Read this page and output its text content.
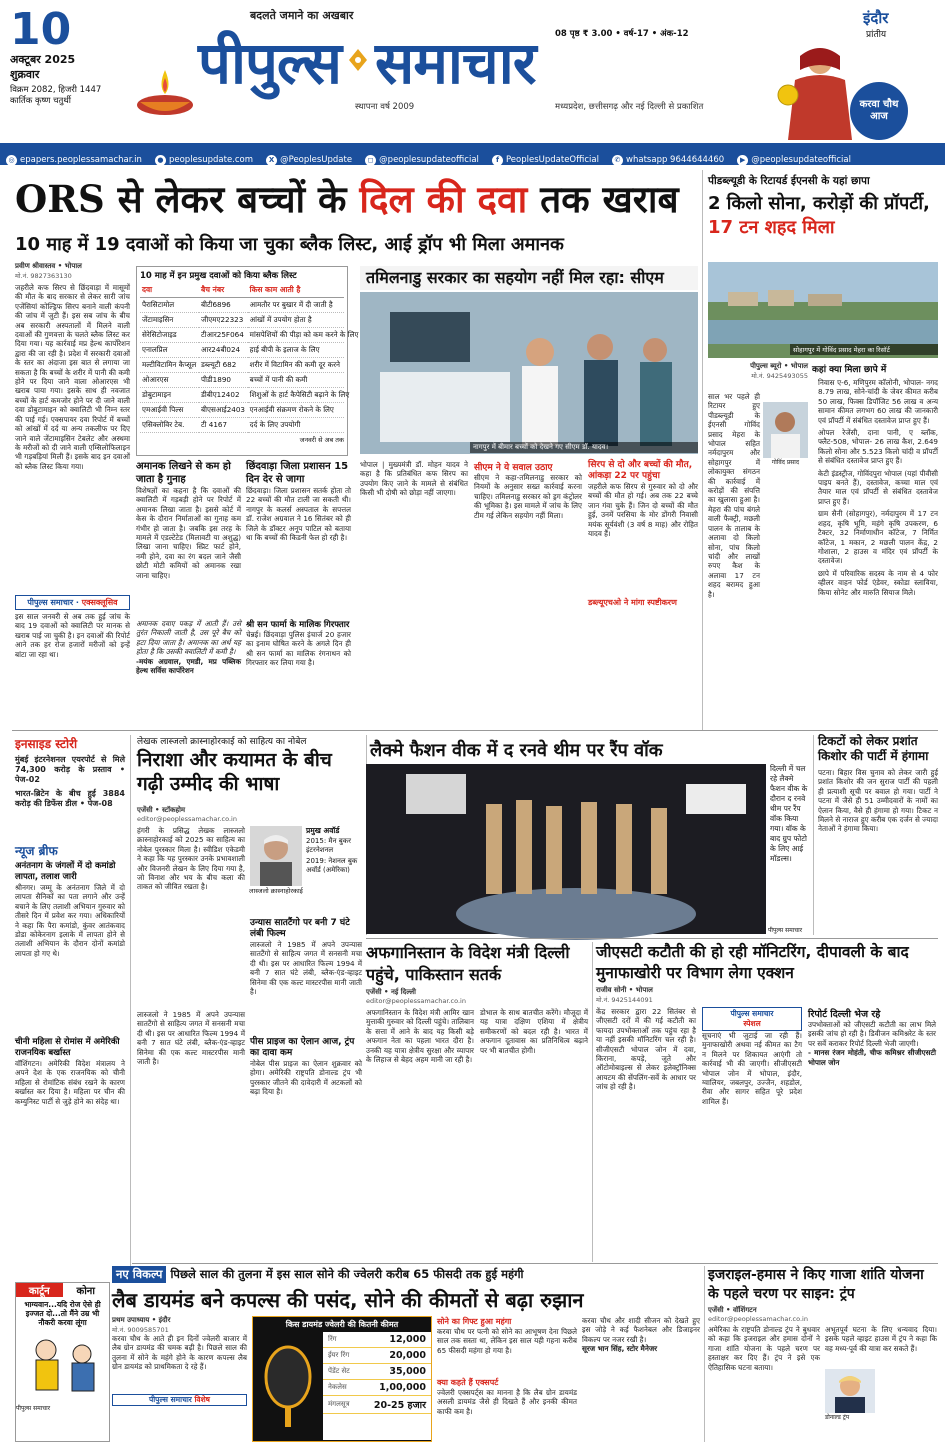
10
अक्टूबर 2025
शुक्रवार
विक्रम 2082, हिजरी 1447
कार्तिक कृष्ण चतुर्थी
बदलते जमाने का अखबार
पीपुल्स समाचार
स्थापना वर्ष 2009
08 पृष्ठ ₹ 3.00 • वर्ष-17 • अंक-12
मध्यप्रदेश, छत्तीसगढ़ और नई दिल्ली से प्रकाशित
इंदौर
प्रांतीय
करवा चौथ आज
◎ epapers.peoplessamachar.in
	● peoplesupdate.com
	X @PeoplesUpdate
	◻ @peoplesupdateofficial
	f PeoplesUpdateOfficial
	✆ whatsapp 9644644460
	▶ @peoplesupdateofficial
ORS से लेकर बच्चों के दिल की दवा तक खराब
10 माह में 19 दवाओं को किया जा चुका ब्लैक लिस्ट, आई ड्रॉप भी मिला अमानक
प्रवीण श्रीवास्तव • भोपाल
मो.नं. 9827363130
जहरीले कफ सिरप से छिंदवाड़ा में मासूमों की मौत के बाद सरकार से लेकर सारी जांच एजेंसियां कोल्ड्रिफ सिरप बनाने वाली कंपनी की जांच में जुटी हैं। इस सब जांच के बीच अब सरकारी अस्पतालों में मिलने वाली दवाओं की गुणवत्ता के चलते ब्लैक लिस्ट कर दिया गया। यह कार्रवाई मप्र हेल्थ कार्पोरेशन द्वारा की जा रही है। प्रदेश में सरकारी दवाओं के स्तर का अंदाजा इस बात से लगाया जा सकता है कि बच्चों के शरीर में पानी की कमी होने पर दिया जाने वाला ओआरएस भी खराब पाया गया। इसके साथ ही नवजात बच्चों के हार्ट कमजोर होने पर दी जाने वाली दवा डोबुटामाइन को क्वालिटी भी निम्न स्तर की पाई गई। एक्सपायर दवा रिपोर्ट में बच्चों को आंखों में दर्द या अन्य तकलीफ पर दिए जाने वाले जेंटामाइसिन टेबलेट और अस्थमा के मरीजों को दी जाने वाली एम्सिलोफिलाइन भी गड़बड़ियां मिली हैं। इसके बाद इन दवाओं को ब्लैक लिस्ट किया गया।
पीपुल्स समाचार · एक्सक्लूसिव
इस साल जनवरी से अब तक हुई जांच के बाद 19 दवाओं को क्वालिटी पर मानक से खराब पाई जा चुकी है। इन दवाओं की रिपोर्ट आने तक हर रोज हजारों मरीजों को इन्हें बांटा जा रहा था।
10 माह में इन प्रमुख दवाओं को किया ब्लैक लिस्ट
दवा	बैच नंबर	किस काम आती है
पैरासिटामोल	बीटी6896	आमतौर पर बुखार में दी जाती है
जेंटामाइसिन	जीएमए22323	आंखों में उपयोग होता है
सेरेसिटोजाइड	टीआर25F064	मांसपेशियों की पीड़ा को कम करने के लिए
एनालप्रिल	आर24बी024	हाई बीपी के इलाज के लिए
मल्टीविटामिन कैप्सूल	डब्ल्यूटी 682	शरीर में विटामिन की कमी दूर करने
ओआरएस	पीडी1890	बच्चों में पानी की कमी
डोबुटामाइन	डीबीए12402	शिशुओं के हार्ट कैपेसिटी बढ़ाने के लिए
एमआईवी पिल्स	बीएसआई2403	एनआईवी संक्रमण रोकने के लिए
एसिक्लोविर टेब.	टी 4167	दर्द के लिए उपयोगी
जनवरी से अब तक
तमिलनाडु सरकार का सहयोग नहीं मिल रहा: सीएम
नागपुर में बीमार बच्चों को देखने गए सीएम डॉ. यादव।
अमानक लिखने से कम हो जाता है गुनाह
विशेषज्ञों का कहना है कि दवाओं की क्वालिटी में गड़बड़ी होने पर रिपोर्ट में अमानक लिखा जाता है। इससे कोर्ट में केस के दौरान निर्माताओं का गुनाह कम गंभीर हो जाता है। जबकि इस तरह के मामले में एडल्टेटेड (मिलावटी या अशुद्ध) लिखा जाना चाहिए। स्प्रिट फार्ट होने, नमी होने, दवा का रंग बदल जाने जैसी छोटी मोटी कमियों को अमानक रखा जाना चाहिए।
अमानक दवाए पकड़ में आती हैं। उसे तुरंत निकाली जाती है, उस पूरे बैच को हटा दिया जाता है। अमानक का अर्थ यह होता है कि उसकी क्वालिटी में कमी है।
-मयंक अग्रवाल, एमडी, मप्र पब्लिक हेल्थ सर्विस कार्पोरेशन
छिंदवाड़ा जिला प्रशासन 15 दिन देर से जागा
छिंदवाड़ा। जिला प्रशासन सतर्क होता तो 22 बच्चों की मौत टाली जा सकती थी। नागपुर के कलर्स अस्पताल के सपत्तल डॉ. राजेश अग्रवाल ने 16 सितंबर को ही जिले के डॉक्टर अनूप पाटिल को बताया था कि बच्चों की किडनी फेल हो रही है।
श्री सन फार्मा के मालिक गिरफ्तार
चेन्नई। छिंदवाड़ा पुलिस इंचार्ज 20 हजार का इनाम घोषित करने के अगले दिन ही श्री सन फार्मा का मालिक रंगनाथन को गिरफ्तार कर लिया गया है।
भोपाल | मुख्यमंत्री डॉ. मोहन यादव ने कहा है कि प्रतिबंधित कफ सिरप का उपयोग किए जाने के मामले से संबंधित किसी भी दोषी को छोड़ा नहीं जाएगा।
सीएम ने ये सवाल उठाए
सीएम ने कहा-तमिलनाडु सरकार को नियमों के अनुसार सख्त कार्रवाई करना चाहिए। तमिलनाडु सरकार को ड्रग कंट्रोलर की भूमिका है। इस मामले में जांच के लिए टीम गई लेकिन सहयोग नहीं मिला।
सिरप से दो और बच्चों की मौत, आंकड़ा 22 पर पहुंचा
जहरीले कफ सिरप से गुरुवार को दो और बच्चों की मौत हो गई। अब तक 22 बच्चे जान गंवा चुके हैं। जिन दो बच्चों की मौत हुई, उनमें परसिया के मोर डोंगरी निवासी मयंक सूर्यवंशी (3 वर्ष 8 माह) और रोहित यादव हैं।
डब्ल्यूएचओ ने मांगा स्पष्टीकरण
पीडब्ल्यूडी के रिटायर्ड ईएनसी के यहां छापा
2 किलो सोना, करोड़ों की प्रॉपर्टी, 17 टन शहद मिला
सोहागपुर में गोविंद प्रसाद मेहरा का रिसॉर्ट
पीपुल्स ब्यूरो • भोपाल
मो.नं. 9425493055
गोविंद प्रसाद
साल भर पहले ही रिटायर हुए पीडब्ल्यूडी के ईएनसी गोविंद प्रसाद मेहरा के भोपाल सहित नर्मदापुरम और सोहागपुर में लोकायुक्त संगठन की कार्रवाई में करोड़ों की संपत्ति का खुलासा हुआ है। मेहरा की पांच बंगले वाली फैक्ट्री, मछली पालन के तालाब के अलावा दो किलो सोना, पांच किलो चांदी और लाखों रुपए कैश के अलावा 17 टन शहद बरामद हुआ है।
कहां क्या मिला छापे में
निवास ए-6, मणिपुरम कॉलोनी, भोपाल- नगद 8.79 लाख, सोने-चांदी के जेवर कीमत करीब 50 लाख, फिक्स डिपॉजिट 56 लाख व अन्य सामान कीमत लगभग 60 लाख की जानकारी एवं प्रॉपर्टी में संबंधित दस्तावेज प्राप्त हुए हैं।
ओपल रेजेंसी, दाना पानी, ए ब्लॉक, फ्लैट-508, भोपाल- 26 लाख कैश, 2.649 किलो सोना और 5.523 किलो चांदी व प्रॉपर्टी से संबंधित दस्तावेज प्राप्त हुए हैं।
केटी इंडस्ट्रीज, गोविंदपुरा भोपाल (यहां पीवीसी पाइप बनते हैं), दस्तावेज, कच्चा माल एवं तैयार माल एवं प्रॉपर्टी से संबंधित दस्तावेज प्राप्त हुए हैं।
ग्राम सैनी (सोहागपुर), नर्मदापुरम में 17 टन शहद, कृषि भूमि, महंगे कृषि उपकरण, 6 टैक्टर, 32 निर्माणाधीन कॉटेज, 7 निर्मित कॉटेज, 1 मकान, 2 मछली पालन केंद्र, 2 गोशाला, 2 हाउस व मंदिर एवं प्रॉपर्टी के दस्तावेज।
छापे में परिवारिक सदस्य के नाम से 4 फोर व्हीलर वाहन फोर्ड एंडेवर, स्कोडा स्लाविया, किया सोनेट और मारुति सियाज मिले।
इनसाइड स्टोरी
मुंबई इंटरनेशनल एयरपोर्ट से मिले 74,300 करोड़ के प्रस्ताव • पेज-02
भारत-ब्रिटेन के बीच हुई 3884 करोड़ की डिफेंस डील • पेज-08
न्यूज ब्रीफ
अनंतनाग के जंगलों में दो कमांडो लापता, तलाश जारी
श्रीनगर। जम्मू के अनंतनाग जिले में दो लापता सैनिकों का पता लगाने और उन्हें बचाने के लिए तलाशी अभियान गुरुवार को तीसरे दिन में प्रवेश कर गया। अधिकारियों ने कहा कि पैरा कमांडो, कुंवर आतंकवाद डोडा कोकेरनाग इलाके में लापता होने से तलाशी अभियान के दौरान दोनों कमांडो लापता हो गए थे।
चीनी महिला से रोमांस में अमेरिकी राजनयिक बर्खास्त
वॉशिंगटन। अमेरिकी विदेश मंत्रालय ने अपने देश के एक राजनयिक को चीनी महिला से रोमांटिक संबंध रखने के कारण बर्खास्त कर दिया है। महिला पर चीन की कम्युनिस्ट पार्टी से जुड़े होने का संदेह था।
लेखक लास्जलो क्रास्नाहोरकाई को साहित्य का नोबेल
निराशा और कयामत के बीच गढ़ी उम्मीद की भाषा
एजेंसी • स्टॉकहोम
editor@peoplessamachar.co.in
लास्जलो क्रास्नाहोरकाई
प्रमुख अवॉर्ड
2015: मैन बुकर इंटरनेशनल
2019: नेशनल बुक अवॉर्ड (अमेरिका)
हंगरी के प्रसिद्ध लेखक लास्जलो क्रास्नाहोरकाई को 2025 का साहित्य का नोबेल पुरस्कार मिला है। स्वीडिश एकेडमी ने कहा कि यह पुरस्कार उनके प्रभावशाली और विजनरी लेखन के लिए दिया गया है, जो विनाश और भय के बीच कला की ताकत को जीवित रखता है।
उन्यास सातटैंगो पर बनी 7 घंटे लंबी फिल्म
लास्जलो ने 1985 में अपने उपन्यास सातटैंगो से साहित्य जगत में सनसनी मचा दी थी। इस पर आधारित फिल्म 1994 में बनी 7 सात घंटे लंबी, ब्लैक-एंड-व्हाइट सिनेमा की एक कल्ट मास्टरपीस मानी जाती है।
पीस प्राइज का ऐलान आज, ट्रंप का दावा कम
नोबेल पीस प्राइज का ऐलान शुक्रवार को होगा। अमेरिकी राष्ट्रपति डोनाल्ड ट्रंप भी पुरस्कार जीतने की दावेदारी में अटकलों को बढ़ा दिया है।
लास्जलो ने 1985 में अपने उपन्यास सातटैंगो से साहित्य जगत में सनसनी मचा दी थी। इस पर आधारित फिल्म 1994 में बनी 7 सात घंटे लंबी, ब्लैक-एंड-व्हाइट सिनेमा की एक कल्ट मास्टरपीस मानी जाती है।
लैक्मे फैशन वीक में द रनवे थीम पर रैंप वॉक
दिल्ली में चल रहे लैक्मे फैशन वीक के दौरान द रनवे थीम पर रैंप वॉक किया गया। वॉक के बाद ग्रुप फोटो के लिए आई मॉडल्स।
पीपुल्स समाचार
टिकटों को लेकर प्रशांत किशोर की पार्टी में हंगामा
पटना। बिहार विस चुनाव को लेकर जारी हुई प्रशांत किशोर की जन सुराज पार्टी की पहली ही प्रत्याशी सूची पर बवाल हो गया। पार्टी ने पटना में जैसे ही 51 उम्मीदवारों के नामों का ऐलान किया, वैसे ही हंगामा हो गया। टिकट न मिलने से नाराज हुए करीब एक दर्जन से ज्यादा नेताओं ने हंगामा किया।
अफगानिस्तान के विदेश मंत्री दिल्ली पहुंचे, पाकिस्तान सतर्क
एजेंसी • नई दिल्ली
editor@peoplessamachar.co.in
अफगानिस्तान के विदेश मंत्री आमिर खान मुत्ताकी गुरुवार को दिल्ली पहुंचे। तालिबान के सत्ता में आने के बाद यह किसी बड़े अफगान नेता का पहला भारत दौरा है। उनकी यह यात्रा क्षेत्रीय सुरक्षा और व्यापार के लिहाज से बेहद अहम मानी जा रही है।
डोभाल के साथ बातचीत करेंगे। मौजूदा में यह यात्रा दक्षिण एशिया में क्षेत्रीय समीकरणों को बदल रही है। भारत में अफगान दूतावास का प्रतिनिधित्व बढ़ाने पर भी बातचीत होगी।
जीएसटी कटौती की हो रही मॉनिटरिंग, दीपावली के बाद मुनाफाखोरी पर विभाग लेगा एक्शन
राजीव सोनी • भोपाल
मो.नं. 9425144091
केंद्र सरकार द्वारा 22 सितंबर से जीएसटी दरों में की गई कटौती का फायदा उपभोक्ताओं तक पहुंच रहा है या नहीं इसकी मॉनिटरिंग चल रही है। सीजीएसटी भोपाल जोन में दवा, किराना, कपड़े, जूते और ऑटोमोबाइल्स से लेकर इलेक्ट्रॉनिक्स आयटम की सेंपलिंग-सर्वे के आधार पर जांच हो रही है।
पीपुल्स समाचार
स्पेशल
सूचनाएं भी जुटाई जा रही हैं। मुनाफाखोरी अथवा नई कीमत का टैग न मिलने पर शिकायत आएंगी तो कार्रवाई भी की जाएगी। सीजीएसटी भोपाल जोन में भोपाल, इंदौर, ग्वालियर, जबलपुर, उज्जैन, शहडोल, रीवा और सागर सहित पूरे प्रदेश शामिल हैं।
रिपोर्ट दिल्ली भेज रहे
उपभोक्ताओं को जीएसटी कटौती का लाभ मिले इसकी जांच हो रही है। डिवीजन कमिश्नरेट के स्तर पर सर्वे कराकर रिपोर्ट दिल्ली भेजी जाएगी।
- मानस रंजन मोहंती, चीफ कमिश्नर सीजीएसटी भोपाल जोन
नए विकल्प पिछले साल की तुलना में इस साल सोने की ज्वेलरी करीब 65 फीसदी तक हुई महंगी
लैब डायमंड बने कपल्स की पसंद, सोने की कीमतों से बढ़ा रुझान
प्रथम उपाध्याय • इंदौर
मो.नं. 9009585701
करवा चौथ के आते ही इन दिनों ज्वेलरी बाजार में लैब ग्रोन डायमंड की चमक बढ़ी है। पिछले साल की तुलना में सोने के महंगे होने के कारण कपल्स लैब ग्रोन डायमंड को प्राथमिकता दे रहे हैं।
पीपुल्स समाचार विशेष
किस डायमंड ज्वेलरी की कितनी कीमत
रिंग	12,000
ईयर रिंग	20,000
पेंडेंट सेट	35,000
नेकलेस	1,00,000
मंगलसूत्र	20-25 हजार
सोने का गिफ्ट हुआ महंगा
करवा चौथ पर पत्नी को सोने का आभूषण देना पिछले साल तक सस्ता था, लेकिन इस साल यही गहना करीब 65 फीसदी महंगा हो गया है।
क्या कहते हैं एक्सपर्ट
ज्वेलरी एक्सपर्ट्स का मानना है कि लैब ग्रोन डायमंड असली डायमंड जैसे ही दिखते हैं और इनकी कीमत काफी कम है।
करवा चौथ और शादी सीजन को देखते हुए इस जोड़े ने कई फैशनेबल और डिजाइनर विकल्प पर नजर रखी है।
सूरज भान सिंह, स्टोर मैनेजर
कार्टून	कोना
भाग्यवान...यदि रोज ऐसे ही इज्जत दो...तो मैंने उम्र भी नौकरी करवा लूंगा
पीपुल्स समाचार
इजराइल-हमास ने किए गाजा शांति योजना के पहले चरण पर साइन: ट्रंप
एजेंसी • वॉशिंगटन
editor@peoplessamachar.co.in
अमेरिका के राष्ट्रपति डोनाल्ड ट्रंप ने बुधवार को कहा कि इजराइल और हमास दोनों ने गाजा शांति योजना के पहले चरण पर हस्ताक्षर कर दिए हैं। ट्रंप ने इसे एक ऐतिहासिक घटना बताया।
अभूतपूर्व घटना के लिए धन्यवाद दिया। इसके पहले व्हाइट हाउस में ट्रंप ने कहा कि वह मध्य-पूर्व की यात्रा कर सकते हैं।
डोनाल्ड ट्रंप
